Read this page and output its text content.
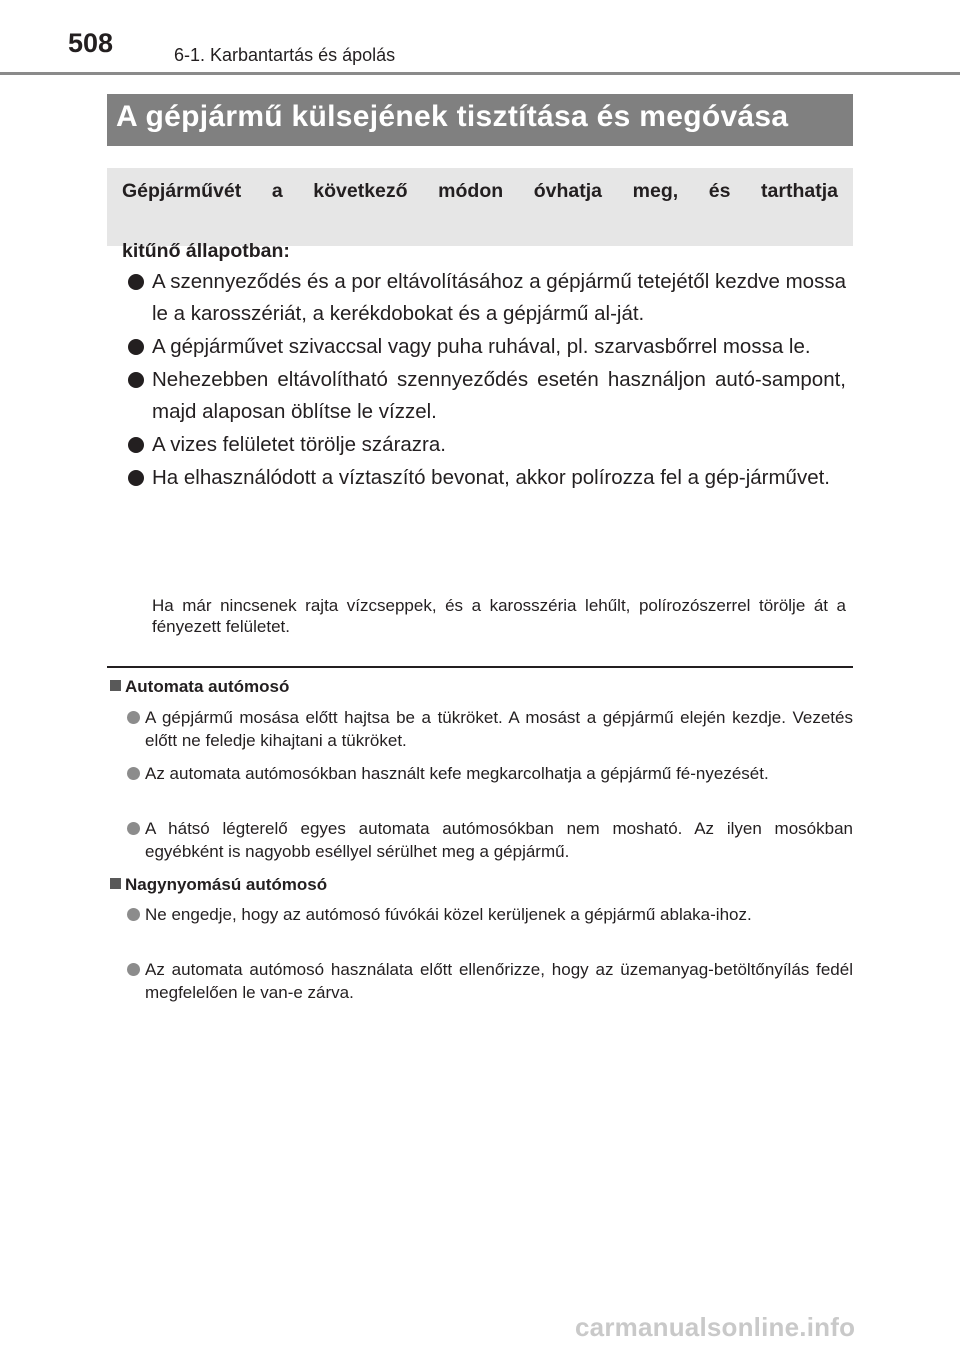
508	6-1. Karbantartás és ápolás
A gépjármű külsejének tisztítása és megóvása
Gépjárművét a következő módon óvhatja meg, és tarthatja
kitűnő állapotban:
A szennyeződés és a por eltávolításához a gépjármű tetejétől kezdve mossa le a karosszériát, a kerékdobokat és a gépjármű al-ját.
A gépjárművet szivaccsal vagy puha ruhával, pl. szarvasbőrrel mossa le.
Nehezebben eltávolítható szennyeződés esetén használjon autó-sampont, majd alaposan öblítse le vízzel.
A vizes felületet törölje szárazra.
Ha elhasználódott a víztaszító bevonat, akkor polírozza fel a gép-járművet.
Ha már nincsenek rajta vízcseppek, és a karosszéria lehűlt, polírozószerrel törölje át a fényezett felületet.
Automata autómosó
A gépjármű mosása előtt hajtsa be a tükröket. A mosást a gépjármű elején kezdje. Vezetés előtt ne feledje kihajtani a tükröket.
Az automata autómosókban használt kefe megkarcolhatja a gépjármű fé-nyezését.
A hátsó légterelő egyes automata autómosókban nem mosható. Az ilyen mosókban egyébként is nagyobb eséllyel sérülhet meg a gépjármű.
Nagynyomású autómosó
Ne engedje, hogy az autómosó fúvókái közel kerüljenek a gépjármű ablaka-ihoz.
Az automata autómosó használata előtt ellenőrizze, hogy az üzemanyag-betöltőnyílás fedél megfelelően le van-e zárva.
carmanualsonline.info
